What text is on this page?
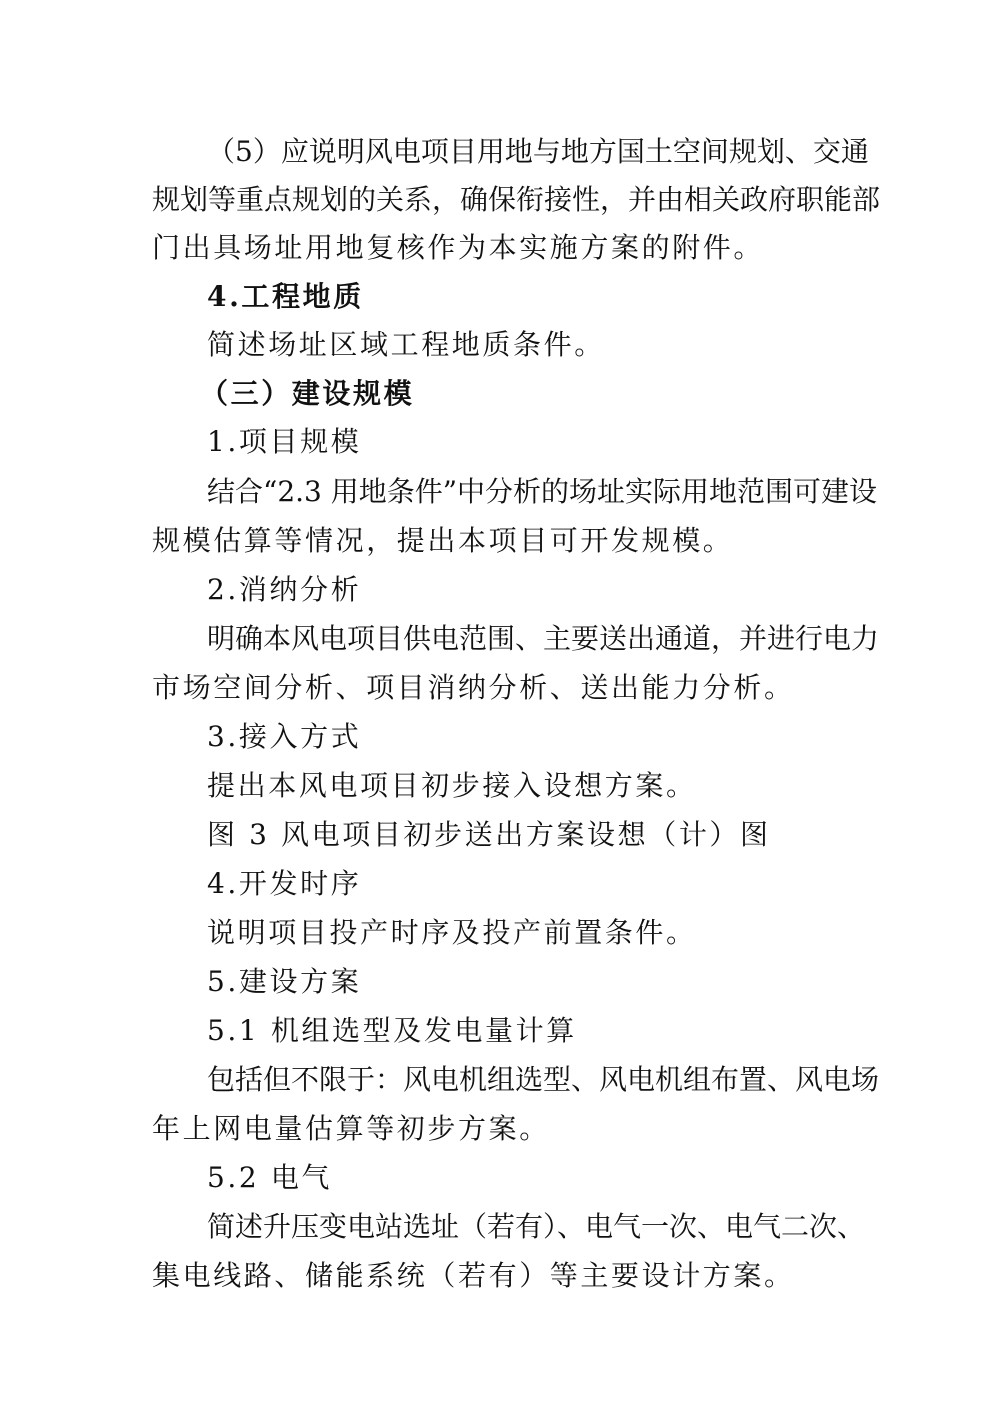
（5）应说明风电项目用地与地方国土空间规划、交通
规划等重点规划的关系，确保衔接性，并由相关政府职能部
门出具场址用地复核作为本实施方案的附件。
4.工程地质
简述场址区域工程地质条件。
（三）建设规模
1.项目规模
结合“2.3 用地条件”中分析的场址实际用地范围可建设
规模估算等情况，提出本项目可开发规模。
2.消纳分析
明确本风电项目供电范围、主要送出通道，并进行电力
市场空间分析、项目消纳分析、送出能力分析。
3.接入方式
提出本风电项目初步接入设想方案。
图 3 风电项目初步送出方案设想（计）图
4.开发时序
说明项目投产时序及投产前置条件。
5.建设方案
5.1 机组选型及发电量计算
包括但不限于：风电机组选型、风电机组布置、风电场
年上网电量估算等初步方案。
5.2 电气
简述升压变电站选址（若有）、电气一次、电气二次、
集电线路、储能系统（若有）等主要设计方案。
